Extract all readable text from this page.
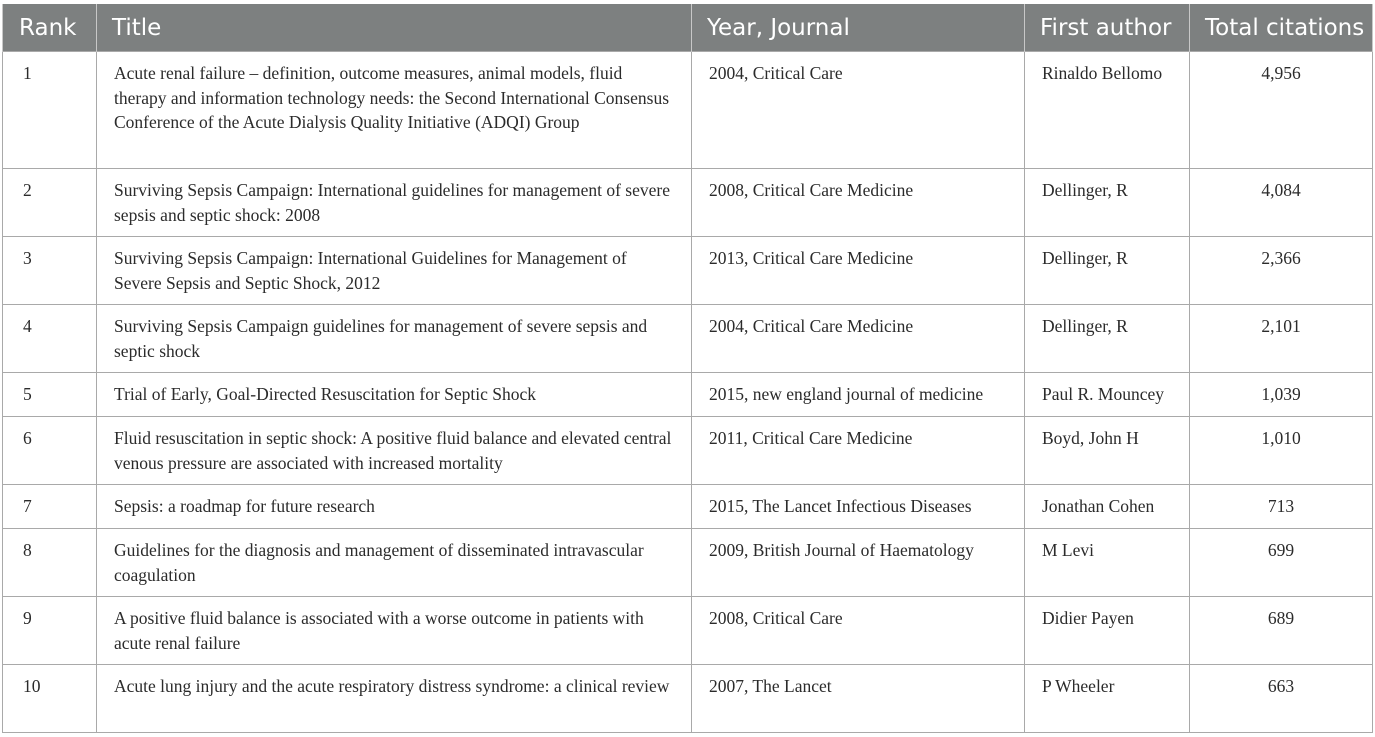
Rank	Title	Year, Journal	First author	Total citations
1	Acute renal failure – definition, outcome measures, animal models, fluid therapy and information technology needs: the Second International Consensus Conference of the Acute Dialysis Quality Initiative (ADQI) Group	2004, Critical Care	Rinaldo Bellomo	4,956
2	Surviving Sepsis Campaign: International guidelines for management of severe sepsis and septic shock: 2008	2008, Critical Care Medicine	Dellinger, R	4,084
3	Surviving Sepsis Campaign: International Guidelines for Management of Severe Sepsis and Septic Shock, 2012	2013, Critical Care Medicine	Dellinger, R	2,366
4	Surviving Sepsis Campaign guidelines for management of severe sepsis and septic shock	2004, Critical Care Medicine	Dellinger, R	2,101
5	Trial of Early, Goal-Directed Resuscitation for Septic Shock	2015, new england journal of medicine	Paul R. Mouncey	1,039
6	Fluid resuscitation in septic shock: A positive fluid balance and elevated central venous pressure are associated with increased mortality	2011, Critical Care Medicine	Boyd, John H	1,010
7	Sepsis: a roadmap for future research	2015, The Lancet Infectious Diseases	Jonathan Cohen	713
8	Guidelines for the diagnosis and management of disseminated intravascular coagulation	2009, British Journal of Haematology	M Levi	699
9	A positive fluid balance is associated with a worse outcome in patients with acute renal failure	2008, Critical Care	Didier Payen	689
10	Acute lung injury and the acute respiratory distress syndrome: a clinical review	2007, The Lancet	P Wheeler	663
